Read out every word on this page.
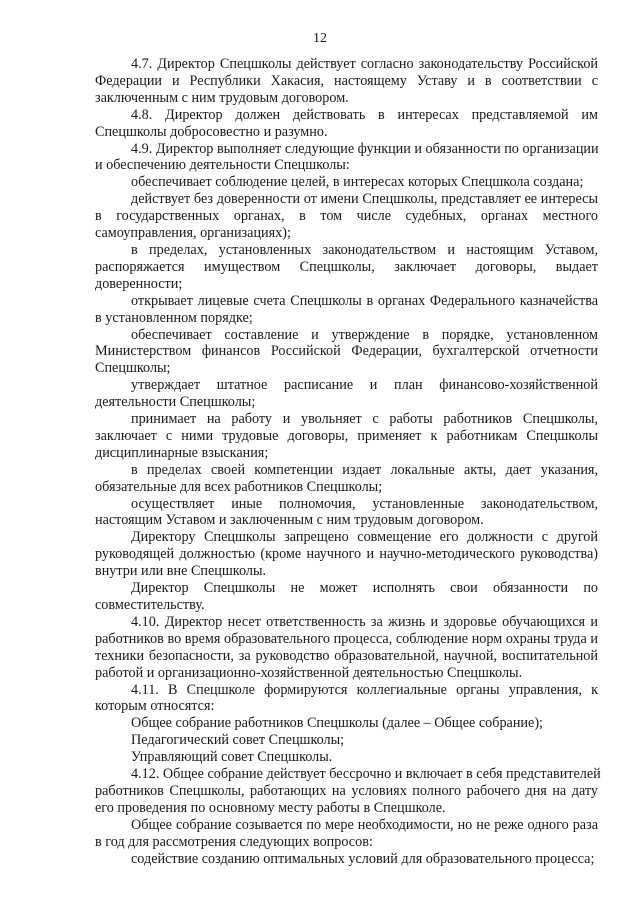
12
4.7. Директор Спецшколы действует согласно законодательству Российской
Федерации и Республики Хакасия, настоящему Уставу и в соответствии с
заключенным с ним трудовым договором.
4.8. Директор должен действовать в интересах представляемой им
Спецшколы добросовестно и разумно.
4.9. Директор выполняет следующие функции и обязанности по организации
и обеспечению деятельности Спецшколы:
обеспечивает соблюдение целей, в интересах которых Спецшкола создана;
действует без доверенности от имени Спецшколы, представляет ее интересы
в государственных органах, в том числе судебных, органах местного
самоуправления, организациях);
в пределах, установленных законодательством и настоящим Уставом,
распоряжается имуществом Спецшколы, заключает договоры, выдает
доверенности;
открывает лицевые счета Спецшколы в органах Федерального казначейства
в установленном порядке;
обеспечивает составление и утверждение в порядке, установленном
Министерством финансов Российской Федерации, бухгалтерской отчетности
Спецшколы;
утверждает штатное расписание и план финансово-хозяйственной
деятельности Спецшколы;
принимает на работу и увольняет с работы работников Спецшколы,
заключает с ними трудовые договоры, применяет к работникам Спецшколы
дисциплинарные взыскания;
в пределах своей компетенции издает локальные акты, дает указания,
обязательные для всех работников Спецшколы;
осуществляет иные полномочия, установленные законодательством,
настоящим Уставом и заключенным с ним трудовым договором.
Директору Спецшколы запрещено совмещение его должности с другой
руководящей должностью (кроме научного и научно-методического руководства)
внутри или вне Спецшколы.
Директор Спецшколы не может исполнять свои обязанности по
совместительству.
4.10. Директор несет ответственность за жизнь и здоровье обучающихся и
работников во время образовательного процесса, соблюдение норм охраны труда и
техники безопасности, за руководство образовательной, научной, воспитательной
работой и организационно-хозяйственной деятельностью Спецшколы.
4.11. В Спецшколе формируются коллегиальные органы управления, к
которым относятся:
Общее собрание работников Спецшколы (далее – Общее собрание);
Педагогический совет Спецшколы;
Управляющий совет Спецшколы.
4.12. Общее собрание действует бессрочно и включает в себя представителей
работников Спецшколы, работающих на условиях полного рабочего дня на дату
его проведения по основному месту работы в Спецшколе.
Общее собрание созывается по мере необходимости, но не реже одного раза
в год для рассмотрения следующих вопросов:
содействие созданию оптимальных условий для образовательного процесса;
